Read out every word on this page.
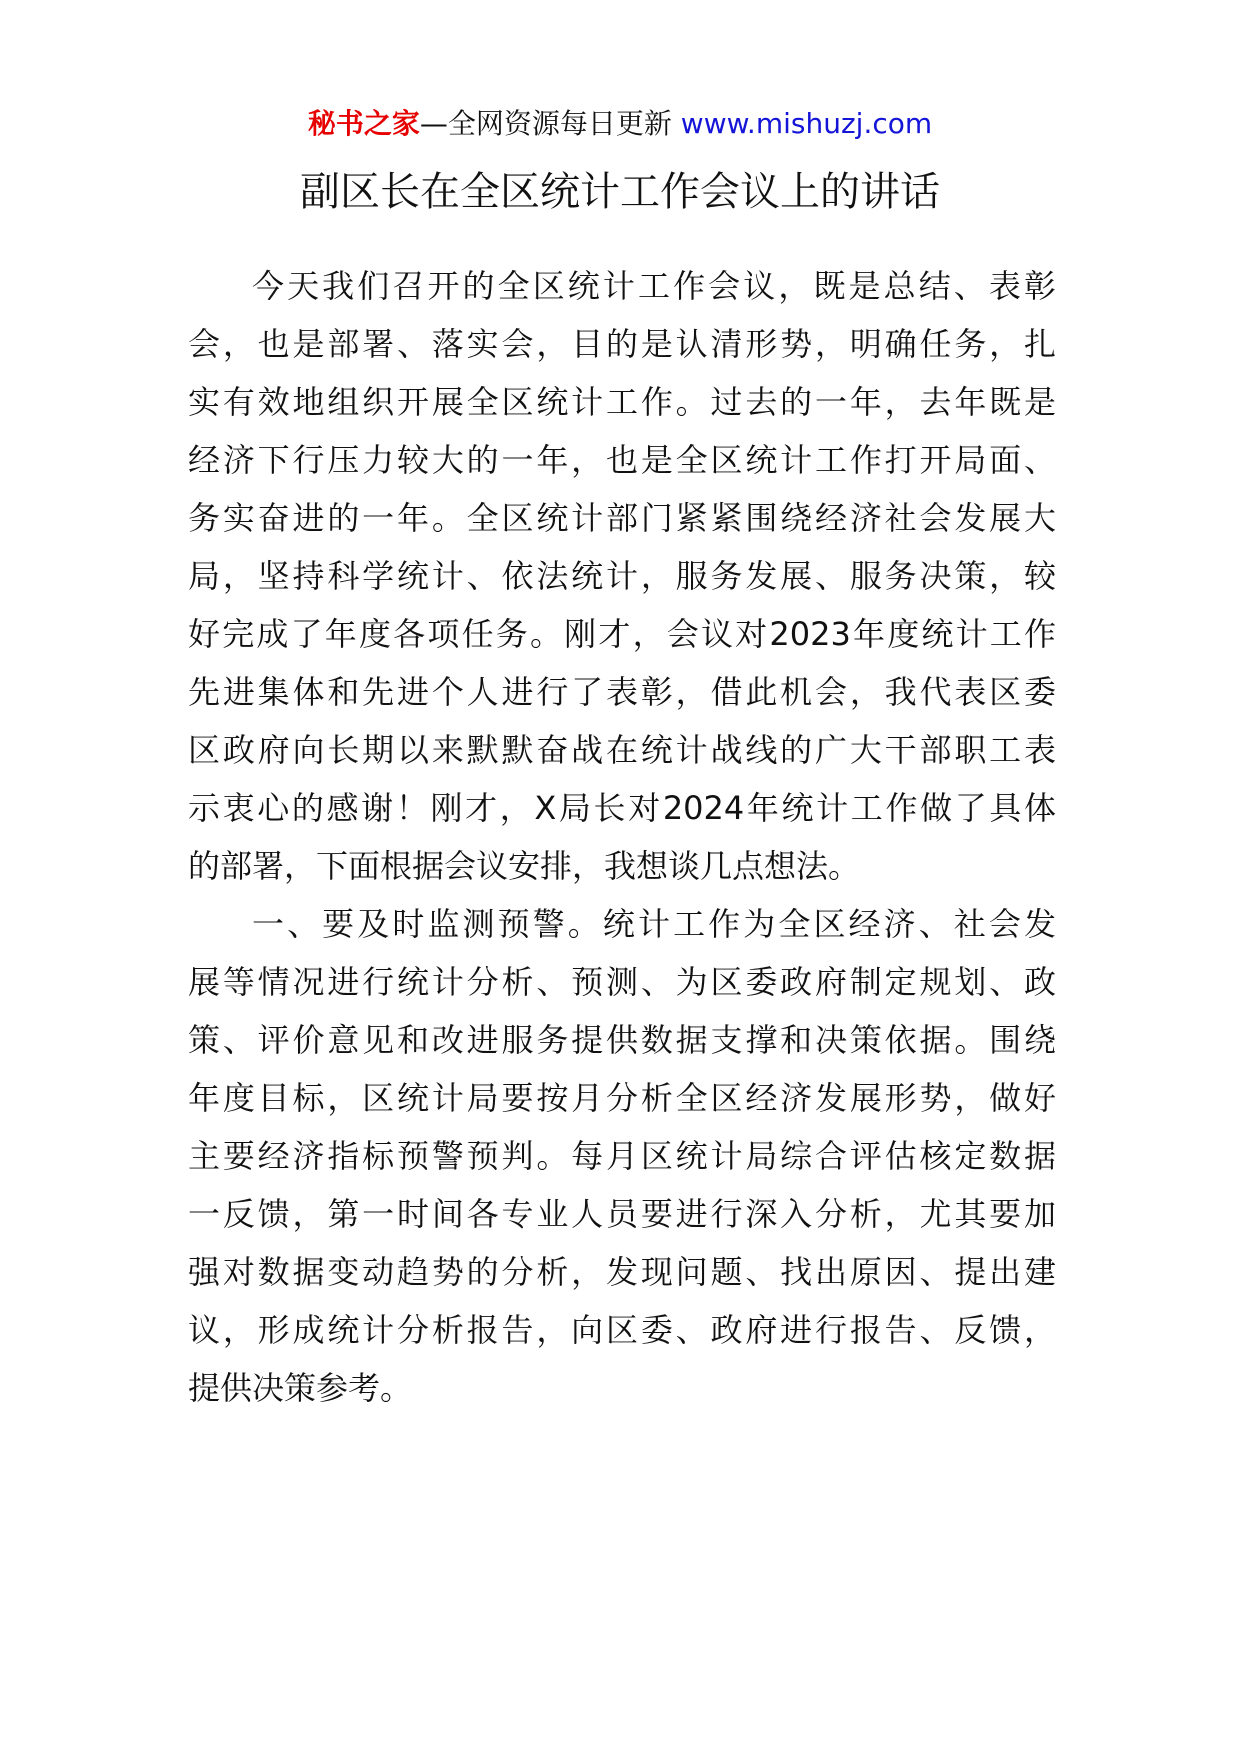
秘书之家—全网资源每日更新 www.mishuzj.com
副区长在全区统计工作会议上的讲话
今天我们召开的全区统计工作会议，既是总结、表彰
会，也是部署、落实会，目的是认清形势，明确任务，扎
实有效地组织开展全区统计工作。过去的一年，去年既是
经济下行压力较大的一年，也是全区统计工作打开局面、
务实奋进的一年。全区统计部门紧紧围绕经济社会发展大
局，坚持科学统计、依法统计，服务发展、服务决策，较
好完成了年度各项任务。刚才，会议对2023年度统计工作
先进集体和先进个人进行了表彰，借此机会，我代表区委
区政府向长期以来默默奋战在统计战线的广大干部职工表
示衷心的感谢！刚才，X局长对2024年统计工作做了具体
的部署，下面根据会议安排，我想谈几点想法。
一、要及时监测预警。统计工作为全区经济、社会发
展等情况进行统计分析、预测、为区委政府制定规划、政
策、评价意见和改进服务提供数据支撑和决策依据。围绕
年度目标，区统计局要按月分析全区经济发展形势，做好
主要经济指标预警预判。每月区统计局综合评估核定数据
一反馈，第一时间各专业人员要进行深入分析，尤其要加
强对数据变动趋势的分析，发现问题、找出原因、提出建
议，形成统计分析报告，向区委、政府进行报告、反馈，
提供决策参考。
